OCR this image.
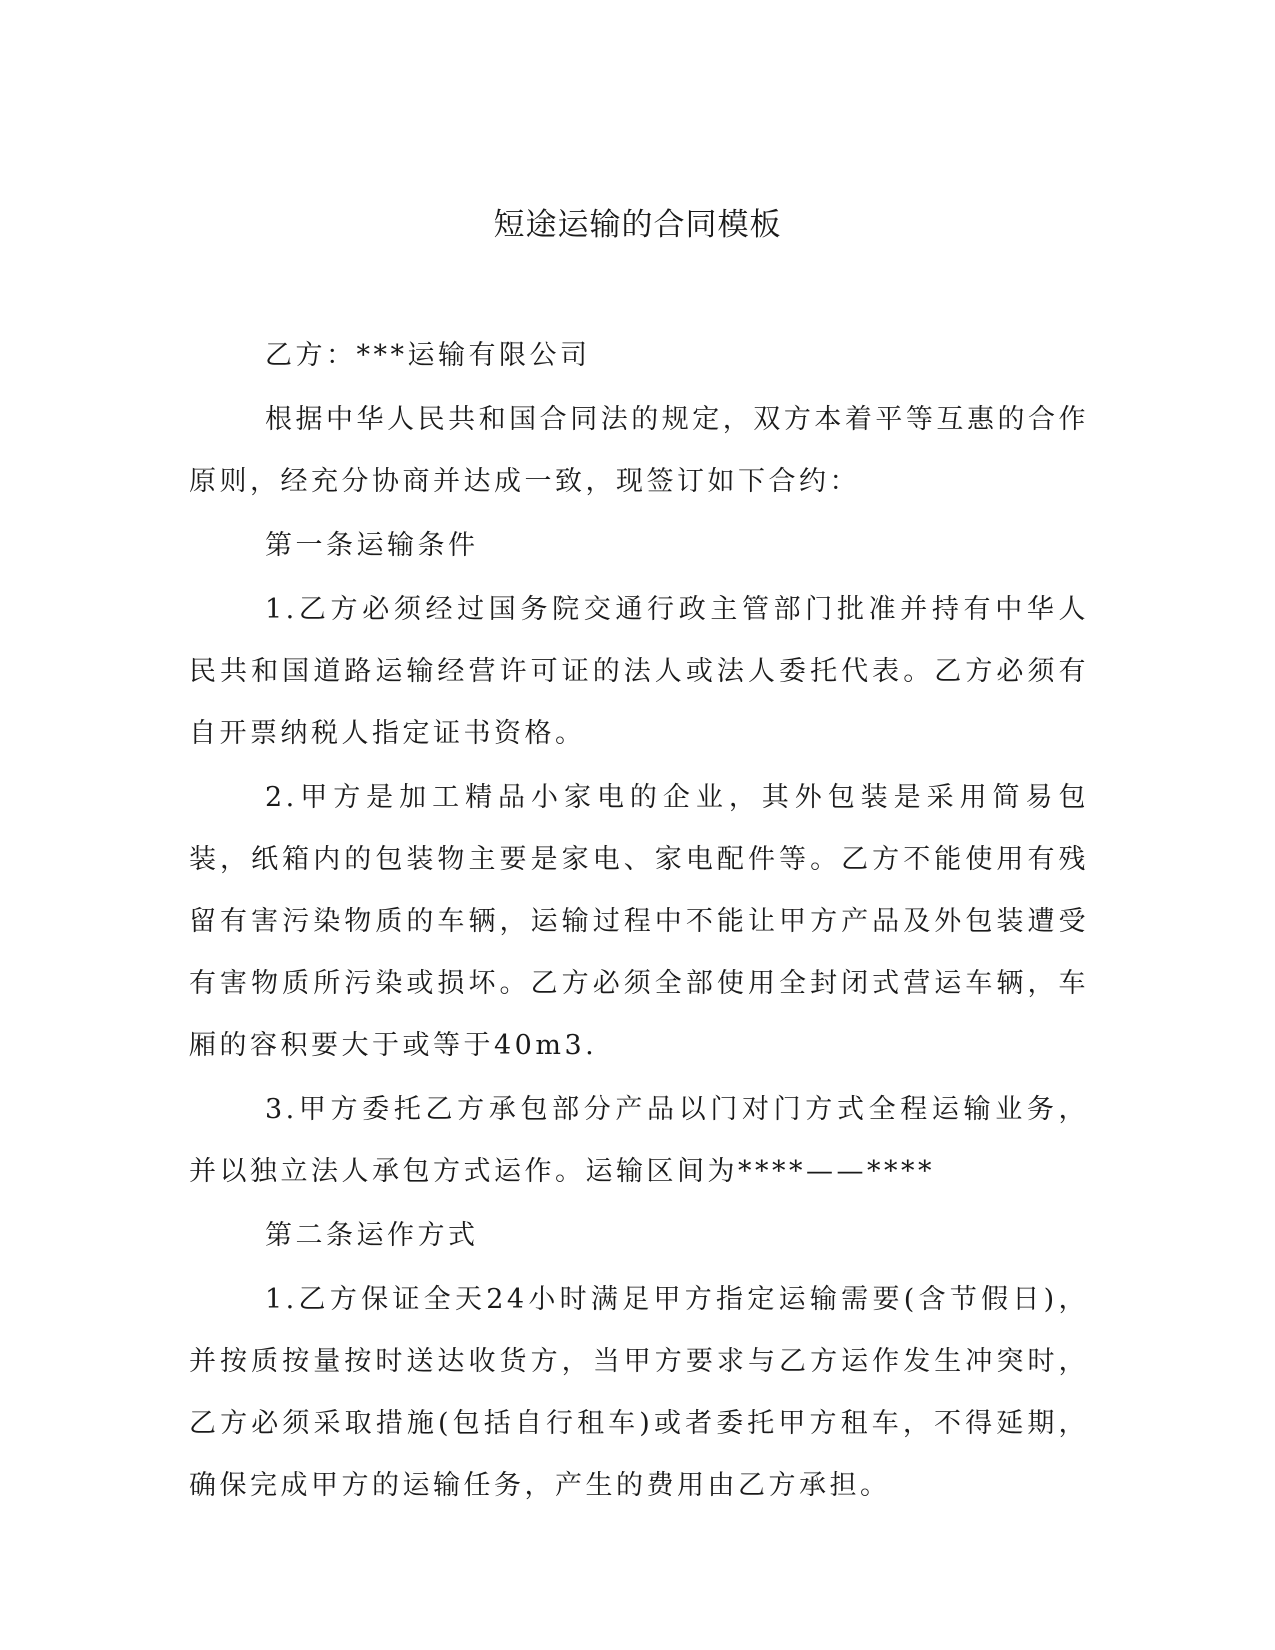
短途运输的合同模板

乙方：***运输有限公司

根据中华人民共和国合同法的规定，双方本着平等互惠的合作原则，经充分协商并达成一致，现签订如下合约：

第一条运输条件

1.乙方必须经过国务院交通行政主管部门批准并持有中华人民共和国道路运输经营许可证的法人或法人委托代表。乙方必须有自开票纳税人指定证书资格。

2.甲方是加工精品小家电的企业，其外包装是采用简易包装，纸箱内的包装物主要是家电、家电配件等。乙方不能使用有残留有害污染物质的车辆，运输过程中不能让甲方产品及外包装遭受有害物质所污染或损坏。乙方必须全部使用全封闭式营运车辆，车厢的容积要大于或等于40m3.

3.甲方委托乙方承包部分产品以门对门方式全程运输业务，并以独立法人承包方式运作。运输区间为****——****

第二条运作方式

1.乙方保证全天24小时满足甲方指定运输需要(含节假日)，并按质按量按时送达收货方，当甲方要求与乙方运作发生冲突时，乙方必须采取措施(包括自行租车)或者委托甲方租车，不得延期，确保完成甲方的运输任务，产生的费用由乙方承担。
